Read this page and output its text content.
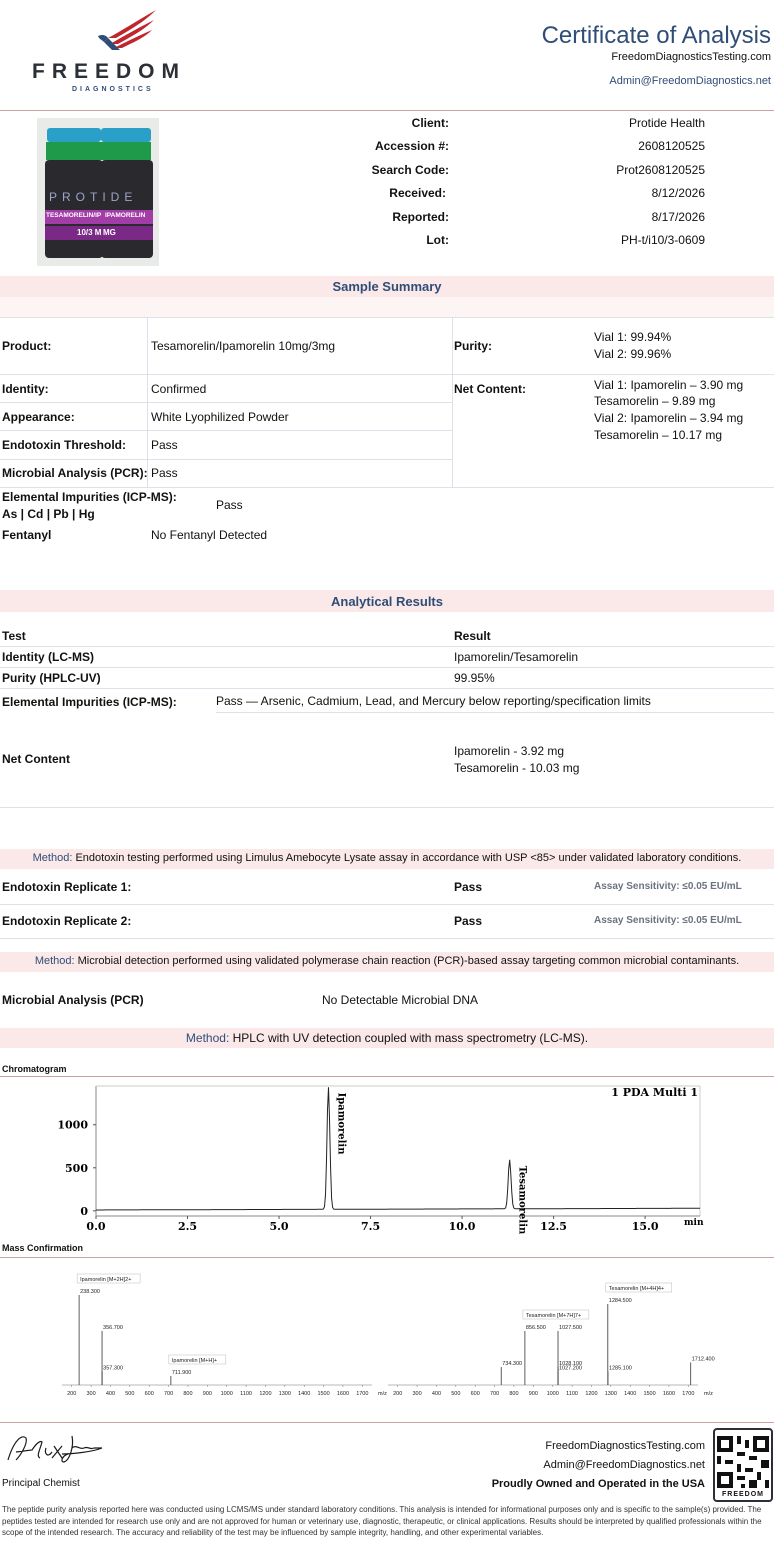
FREEDOM
DIAGNOSTICS
Certificate of Analysis
FreedomDiagnosticsTesting.com
Admin@FreedomDiagnostics.net
PROTIDE
TESAMORELIN/IP IPAMORELIN
10/3 M MG
Client:	Protide Health
Accession #:	2608120525
Search Code:	Prot2608120525
Received:	8/12/2026
Reported:	8/17/2026
Lot:	PH-t/i10/3-0609
Sample Summary
Product:	Tesamorelin/Ipamorelin 10mg/3mg	Purity:
Vial 1: 99.94%
Vial 2: 99.96%
Identity:	Confirmed	Net Content:	Vial 1: Ipamorelin – 3.90 mg
Tesamorelin – 9.89 mg
Vial 2: Ipamorelin – 3.94 mg
Tesamorelin – 10.17 mg
Appearance:	White Lyophilized Powder
Endotoxin Threshold: Pass
Microbial Analysis (PCR): Pass
Elemental Impurities (ICP-MS):
As | Cd | Pb | Hg
Pass
Fentanyl	No Fentanyl Detected
Analytical Results
Test	Result
Identity (LC-MS)	Ipamorelin/Tesamorelin
Purity (HPLC-UV)	99.95%
Elemental Impurities (ICP-MS):	Pass — Arsenic, Cadmium, Lead, and Mercury below reporting/specification limits
Net Content
Ipamorelin - 3.92 mg
Tesamorelin - 10.03 mg
Method: Endotoxin testing performed using Limulus Amebocyte Lysate assay in accordance with USP <85> under validated laboratory conditions.
Endotoxin Replicate 1:	Pass	Assay Sensitivity: ≤0.05 EU/mL
Endotoxin Replicate 2:	Pass	Assay Sensitivity: ≤0.05 EU/mL
Method: Microbial detection performed using validated polymerase chain reaction (PCR)-based assay targeting common microbial contaminants.
Microbial Analysis (PCR)	No Detectable Microbial DNA
Method: HPLC with UV detection coupled with mass spectrometry (LC-MS).
Chromatogram
0.0	2.5	5.0	7.5	10.0	12.5	15.0
0
500
1000	Ipamorelin
Tesamorelin
1 PDA Multi 1
min
Mass Confirmation
200 300 400 500 600 700 800 900 1000 1100 1200 1300 1400 1500 1600 1700 m/z
238.300
Ipamorelin [M+2H]2+
356.700
357.300
711.900
Ipamorelin [M+H]+
200 300 400 500 600 700 800 900 1000 1100 1200 1300 1400 1500 1600 1700 m/z
734.300
856.500
Tesamorelin [M+7H]7+
1027.500
1027.200
1028.100
1284.500
Tesamorelin [M+4H]4+
1285.100
1712.400
Principal Chemist
FreedomDiagnosticsTesting.com
Admin@FreedomDiagnostics.net
Proudly Owned and Operated in the USA
FREEDOM
The peptide purity analysis reported here was conducted using LCMS/MS under standard laboratory conditions. This analysis is intended for informational purposes only and is specific to the sample(s) provided. The peptides tested are intended for research use only and are not approved for human or veterinary use, diagnostic, therapeutic, or clinical applications. Results should be interpreted by qualified professionals within the scope of the intended research. The accuracy and reliability of the test may be influenced by sample integrity, handling, and other experimental variables.
